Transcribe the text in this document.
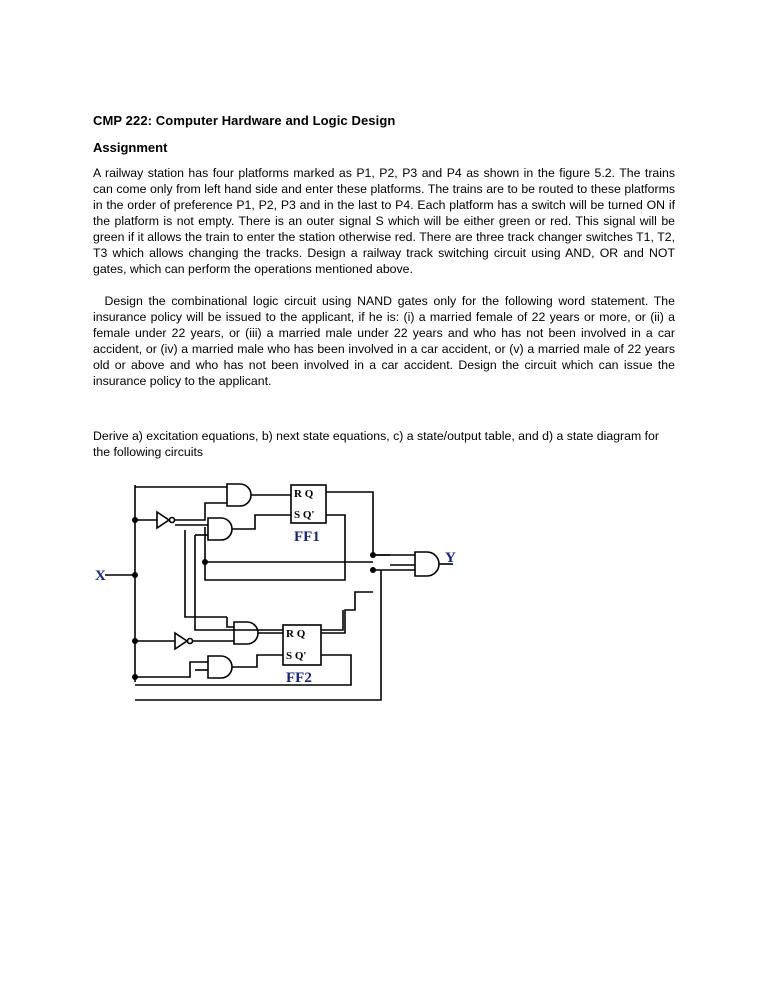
CMP 222: Computer Hardware and Logic Design
Assignment

A railway station has four platforms marked as P1, P2, P3 and P4 as shown in the figure 5.2. The trains can come only from left hand side and enter these platforms. The trains are to be routed to these platforms in the order of preference P1, P2, P3 and in the last to P4. Each platform has a switch will be turned ON if the platform is not empty. There is an outer signal S which will be either green or red. This signal will be green if it allows the train to enter the station otherwise red. There are three track changer switches T1, T2, T3 which allows changing the tracks. Design a railway track switching circuit using AND, OR and NOT gates, which can perform the operations mentioned above.

Design the combinational logic circuit using NAND gates only for the following word statement. The insurance policy will be issued to the applicant, if he is: (i) a married female of 22 years or more, or (ii) a female under 22 years, or (iii) a married male under 22 years and who has not been involved in a car accident, or (iv) a married male who has been involved in a car accident, or (v) a married male of 22 years old or above and who has not been involved in a car accident. Design the circuit which can issue the insurance policy to the applicant.

Derive a) excitation equations, b) next state equations, c) a state/output table, and d) a state diagram for the following circuits

R Q
S Q'
R Q
S Q'
FF1
FF2
X
Y
